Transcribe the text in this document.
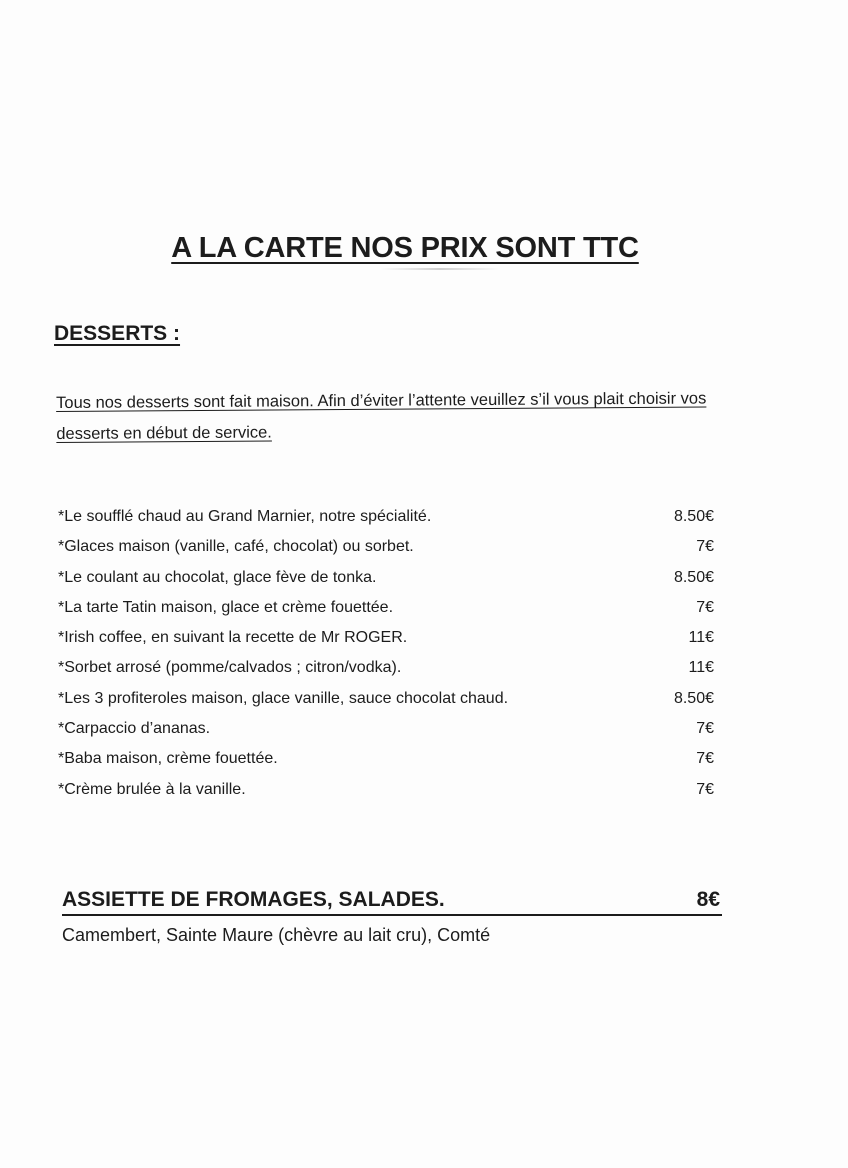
A LA CARTE NOS PRIX SONT TTC
DESSERTS :

Tous nos desserts sont fait maison. Afin d’éviter l’attente veuillez s’il vous plait choisir vos desserts en début de service.

*Le soufflé chaud au Grand Marnier, notre spécialité.	8.50€
*Glaces maison (vanille, café, chocolat) ou sorbet.	7€
*Le coulant au chocolat, glace fève de tonka.	8.50€
*La tarte Tatin maison, glace et crème fouettée.	7€
*Irish coffee, en suivant la recette de Mr ROGER.	11€
*Sorbet arrosé (pomme/calvados ; citron/vodka).	11€
*Les 3 profiteroles maison, glace vanille, sauce chocolat chaud.	8.50€
*Carpaccio d’ananas.	7€
*Baba maison, crème fouettée.	7€
*Crème brulée à la vanille.	7€
ASSIETTE DE FROMAGES, SALADES.	8€

Camembert, Sainte Maure (chèvre au lait cru), Comté
